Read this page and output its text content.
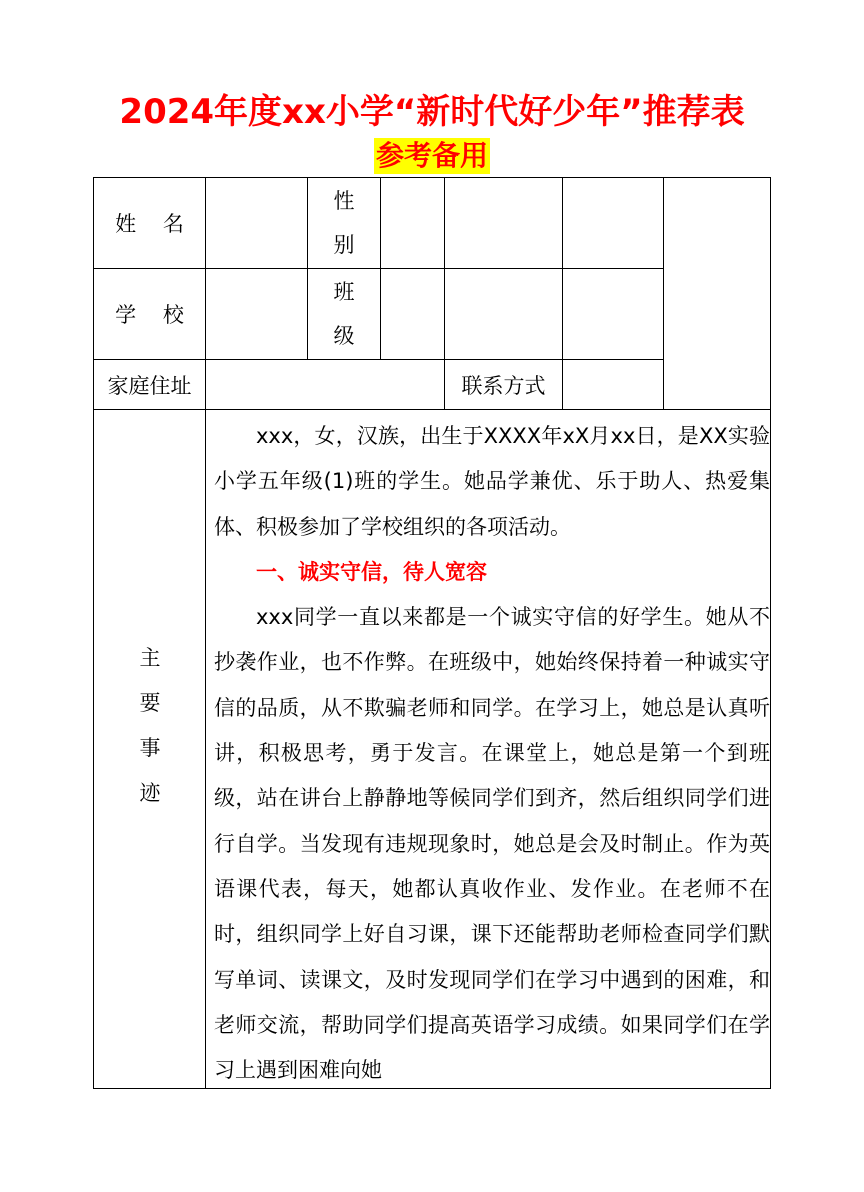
2024年度xx小学“新时代好少年”推荐表
参考备用
姓    名
性
别
学    校
班
级
家庭住址	联系方式
主
要
事
迹

xxx，女，汉族，出生于XXXX年xX月xx日，是XX实验小学五年级(1)班的学生。她品学兼优、乐于助人、热爱集体、积极参加了学校组织的各项活动。

一、诚实守信，待人宽容

xxx同学一直以来都是一个诚实守信的好学生。她从不抄袭作业，也不作弊。在班级中，她始终保持着一种诚实守信的品质，从不欺骗老师和同学。在学习上，她总是认真听讲，积极思考，勇于发言。在课堂上，她总是第一个到班级，站在讲台上静静地等候同学们到齐，然后组织同学们进行自学。当发现有违规现象时，她总是会及时制止。作为英语课代表，每天，她都认真收作业、发作业。在老师不在时，组织同学上好自习课，课下还能帮助老师检查同学们默写单词、读课文，及时发现同学们在学习中遇到的困难，和老师交流，帮助同学们提高英语学习成绩。如果同学们在学习上遇到困难向她
